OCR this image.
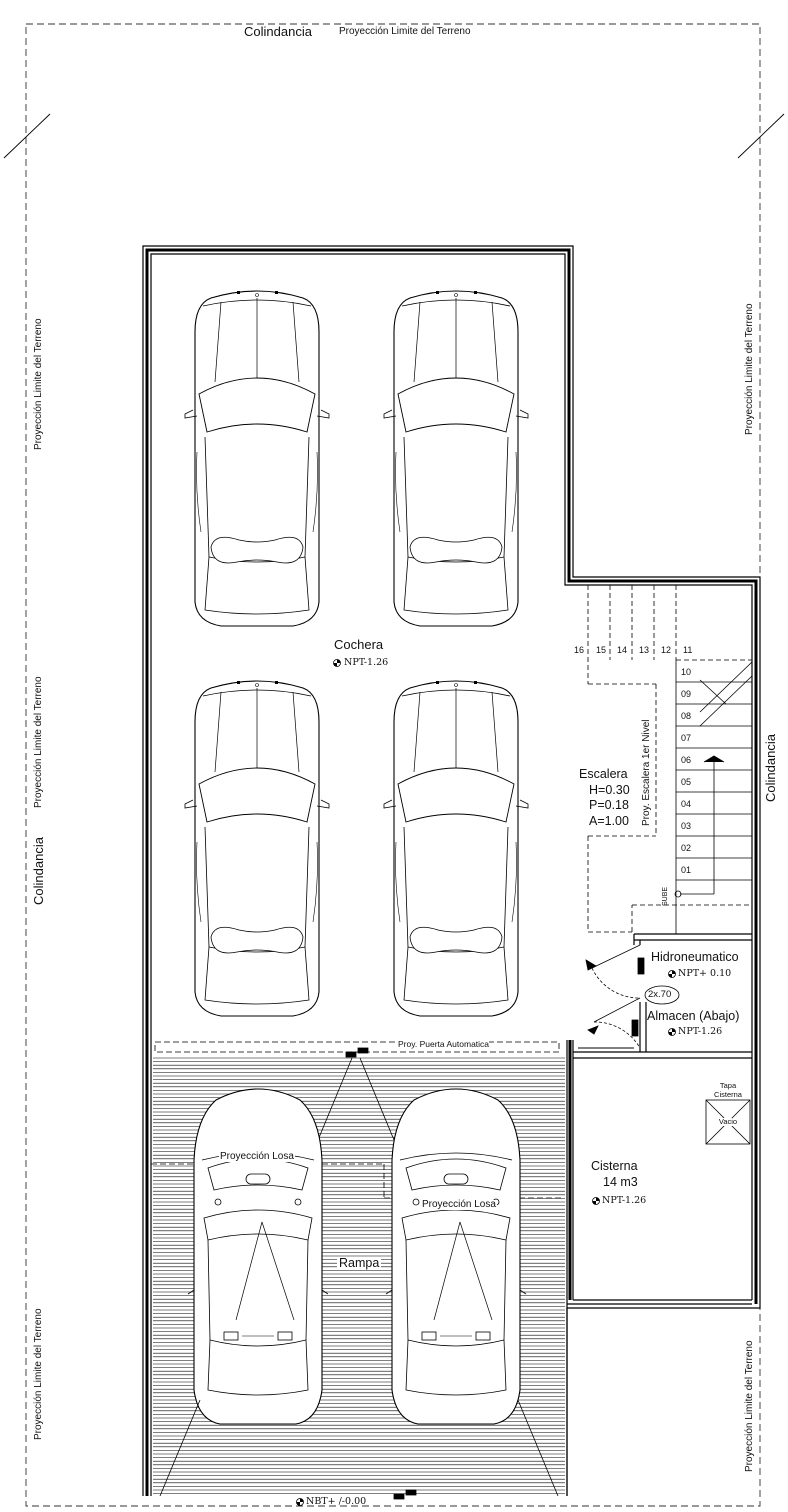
Colindancia	Proyección Limite del Terreno
Proyección Limite del Terreno
Proyección Limite del Terreno
Colindancia
Proyección Limite del Terreno
Proyección Limite del Terreno
Colindancia
Proyección Limite del Terreno
Cochera
NPT-1.26
Proy. Puerta Automatica
Proyección Losa
Proyección Losa
Rampa
NBT+ /-0.00
Escalera
H=0.30
P=0.18
A=1.00 Proy. Escalera 1er Nivel
SUBE
16 15 14 13 12 11
10
09
08
07
06
05
04
03
02
01
Hidroneumatico
NPT+ 0.10
2x.70
Almacen (Abajo)
NPT-1.26
Cisterna
14 m3
NPT-1.26
Tapa
Cisterna
Vacio
